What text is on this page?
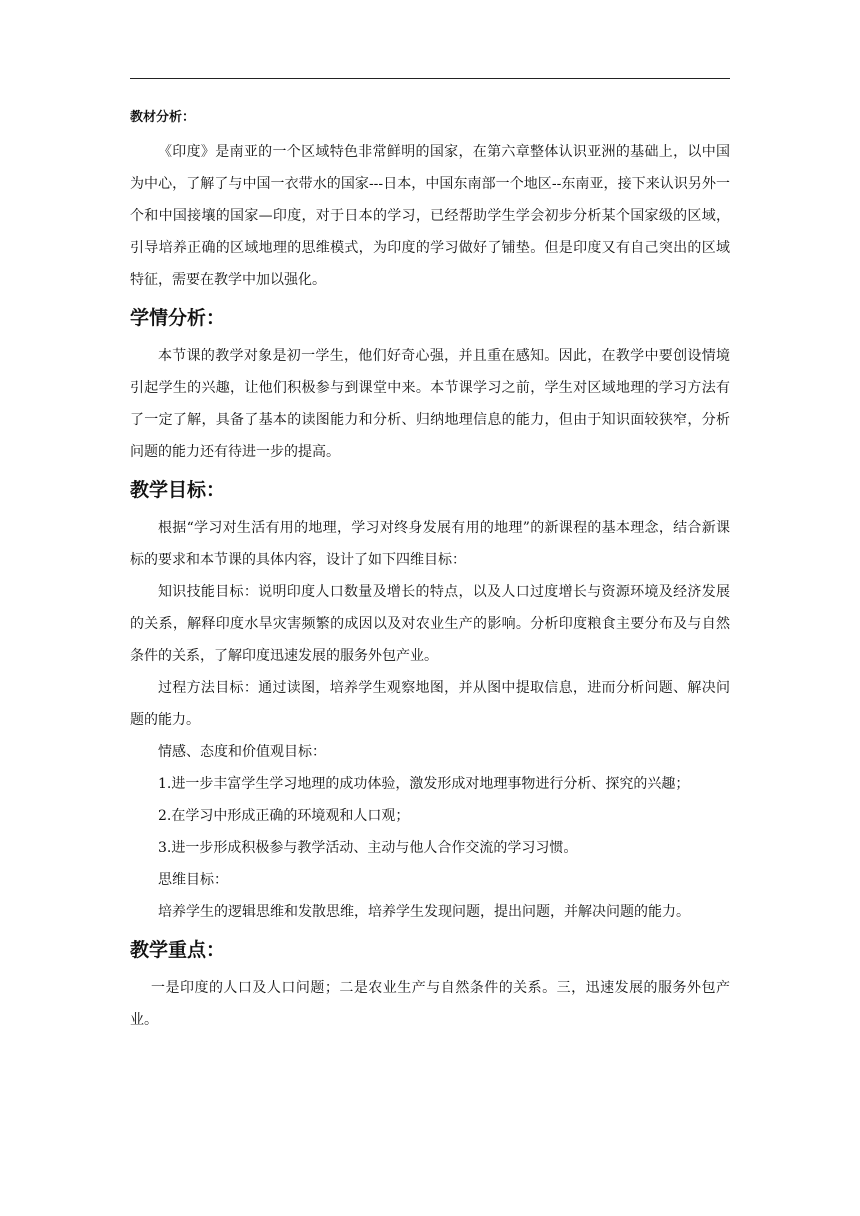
教材分析：

《印度》是南亚的一个区域特色非常鲜明的国家，在第六章整体认识亚洲的基础上，以中国为中心，了解了与中国一衣带水的国家---日本，中国东南部一个地区--东南亚，接下来认识另外一个和中国接壤的国家—印度，对于日本的学习，已经帮助学生学会初步分析某个国家级的区域，引导培养正确的区域地理的思维模式，为印度的学习做好了铺垫。但是印度又有自己突出的区域特征，需要在教学中加以强化。

学情分析：

本节课的教学对象是初一学生，他们好奇心强，并且重在感知。因此，在教学中要创设情境引起学生的兴趣，让他们积极参与到课堂中来。本节课学习之前，学生对区域地理的学习方法有了一定了解，具备了基本的读图能力和分析、归纳地理信息的能力，但由于知识面较狭窄，分析问题的能力还有待进一步的提高。

教学目标：

根据“学习对生活有用的地理，学习对终身发展有用的地理”的新课程的基本理念，结合新课标的要求和本节课的具体内容，设计了如下四维目标：

知识技能目标：说明印度人口数量及增长的特点，以及人口过度增长与资源环境及经济发展的关系，解释印度水旱灾害频繁的成因以及对农业生产的影响。分析印度粮食主要分布及与自然条件的关系，了解印度迅速发展的服务外包产业。

过程方法目标：通过读图，培养学生观察地图，并从图中提取信息，进而分析问题、解决问题的能力。

情感、态度和价值观目标：

1.进一步丰富学生学习地理的成功体验，激发形成对地理事物进行分析、探究的兴趣；

2.在学习中形成正确的环境观和人口观；

3.进一步形成积极参与教学活动、主动与他人合作交流的学习习惯。

思维目标：

培养学生的逻辑思维和发散思维，培养学生发现问题，提出问题，并解决问题的能力。

教学重点：

一是印度的人口及人口问题；二是农业生产与自然条件的关系。三，迅速发展的服务外包产业。
